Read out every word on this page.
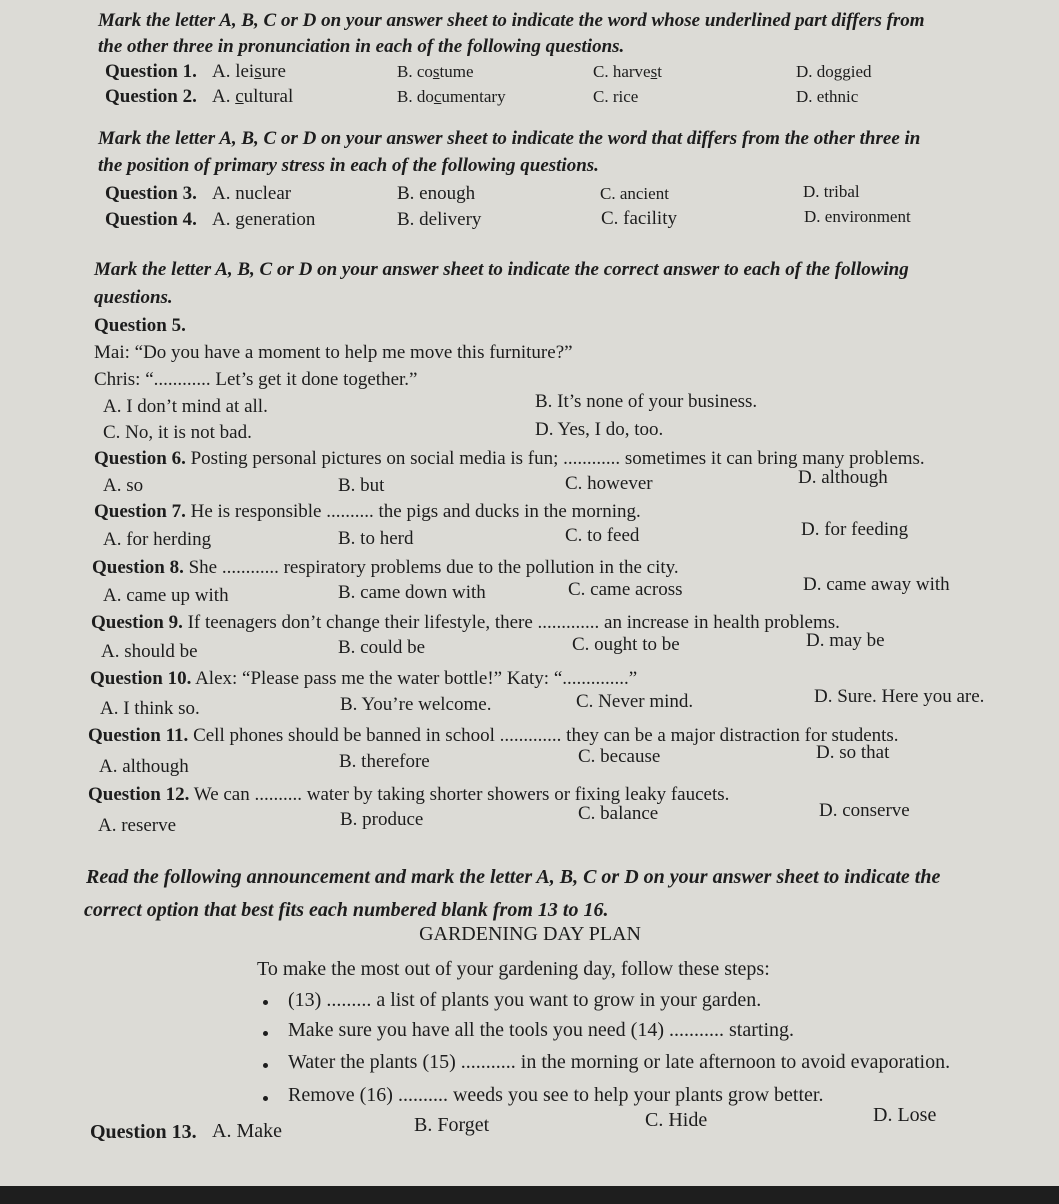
Mark the letter A, B, C or D on your answer sheet to indicate the word whose underlined part differs from
the other three in pronunciation in each of the following questions.
Question 1. A. leisure	B. costume	C. harvest	D. doggied
Question 2. A. cultural	B. documentary	C. rice	D. ethnic
Mark the letter A, B, C or D on your answer sheet to indicate the word that differs from the other three in
the position of primary stress in each of the following questions.
Question 3. A. nuclear	B. enough	C. ancient	D. tribal
Question 4. A. generation	B. delivery	C. facility	D. environment
Mark the letter A, B, C or D on your answer sheet to indicate the correct answer to each of the following
questions.
Question 5.
Mai: “Do you have a moment to help me move this furniture?”
Chris: “............ Let’s get it done together.”
A. I don’t mind at all.	B. It’s none of your business.
C. No, it is not bad.	D. Yes, I do, too.
Question 6. Posting personal pictures on social media is fun; ............ sometimes it can bring many problems.
A. so	B. but	C. however	D. although
Question 7. He is responsible .......... the pigs and ducks in the morning.
A. for herding	B. to herd	C. to feed	D. for feeding
Question 8. She ............ respiratory problems due to the pollution in the city.
A. came up with	B. came down with	C. came across	D. came away with
Question 9. If teenagers don’t change their lifestyle, there ............. an increase in health problems.
A. should be	B. could be	C. ought to be	D. may be
Question 10. Alex: “Please pass me the water bottle!” Katy: “..............”
A. I think so.	B. You’re welcome.	C. Never mind.	D. Sure. Here you are.
Question 11. Cell phones should be banned in school ............. they can be a major distraction for students.
A. although	B. therefore	C. because	D. so that
Question 12. We can .......... water by taking shorter showers or fixing leaky faucets.
A. reserve	B. produce	C. balance	D. conserve
Read the following announcement and mark the letter A, B, C or D on your answer sheet to indicate the
correct option that best fits each numbered blank from 13 to 16.
GARDENING DAY PLAN
To make the most out of your gardening day, follow these steps:
(13) ......... a list of plants you want to grow in your garden.
Make sure you have all the tools you need (14) ........... starting.
Water the plants (15) ........... in the morning or late afternoon to avoid evaporation.
Remove (16) .......... weeds you see to help your plants grow better.
Question 13. A. Make	B. Forget	C. Hide	D. Lose
